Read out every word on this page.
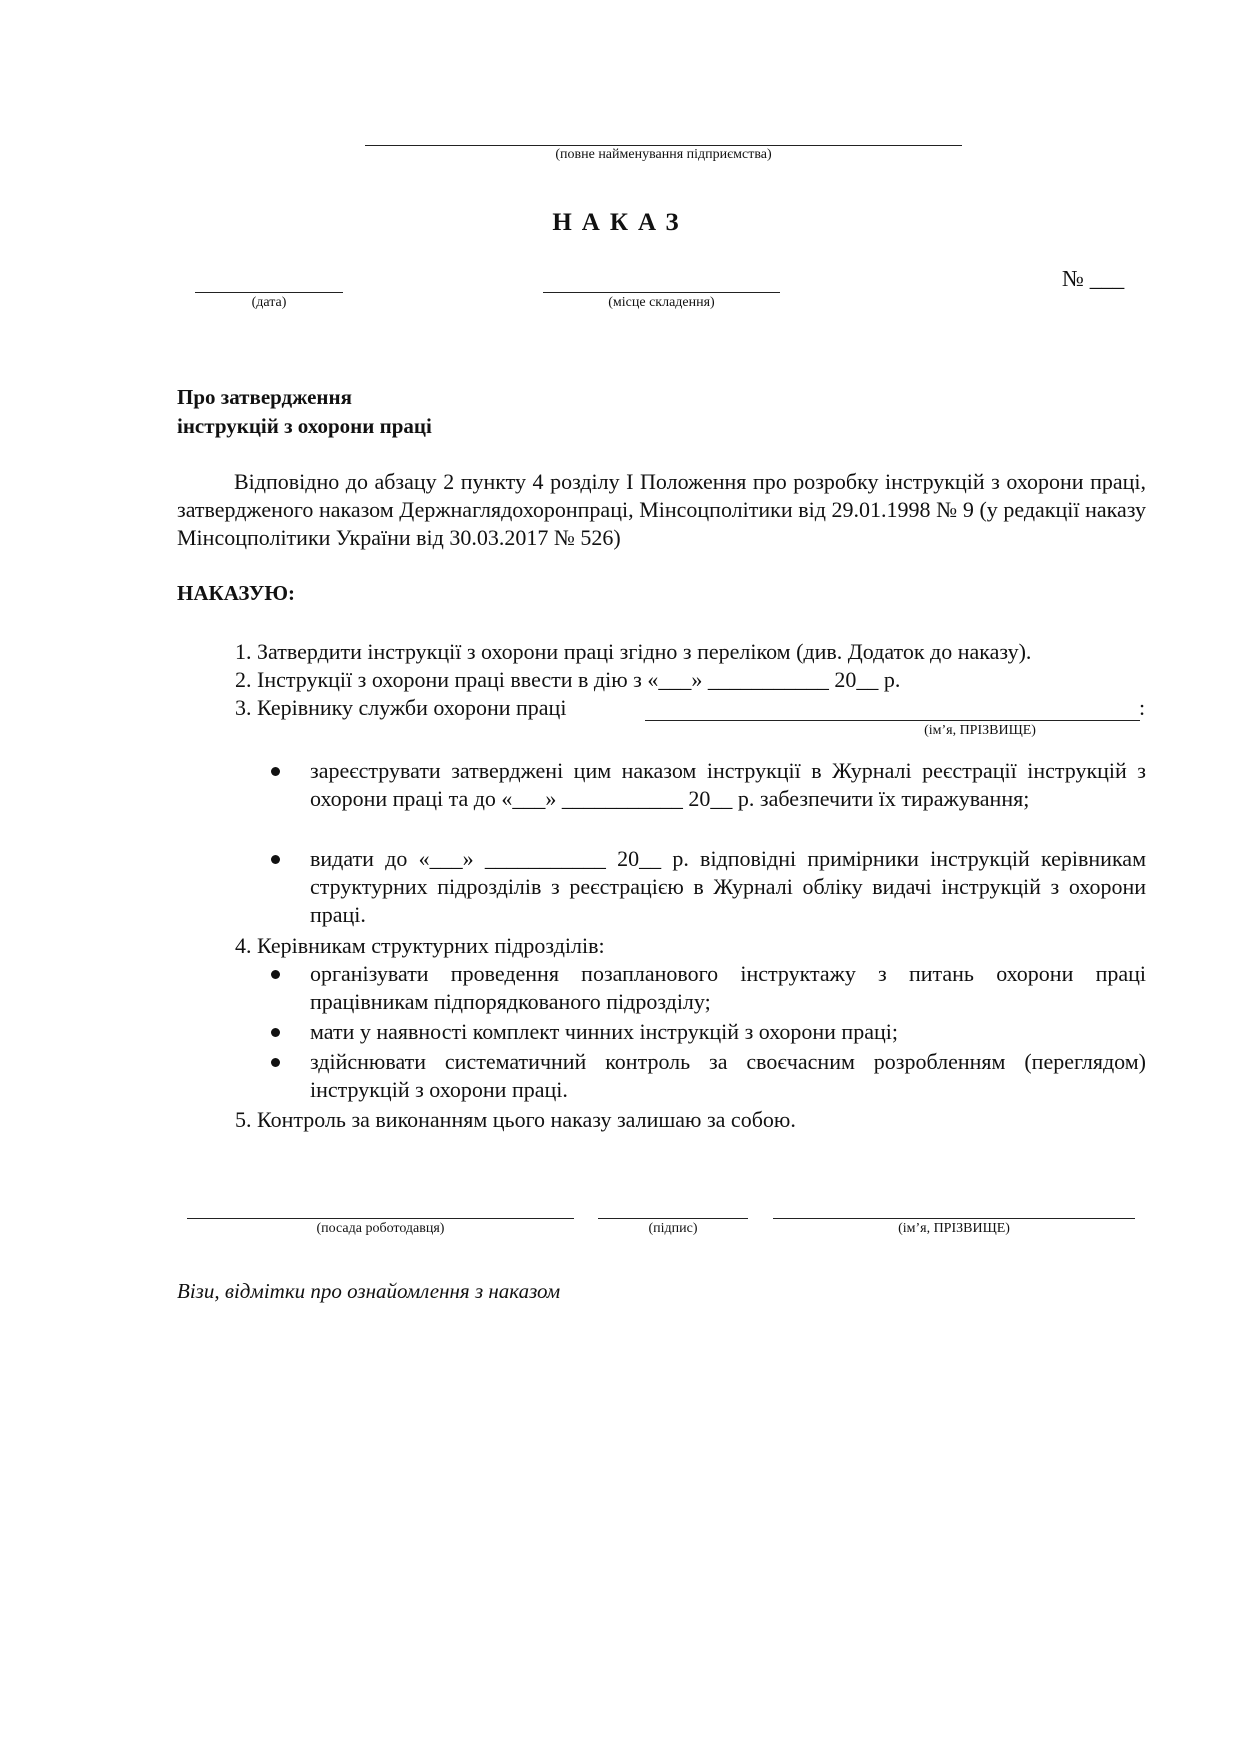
(повне найменування підприємства)
НАКАЗ
(дата)	(місце складення)
№ ___
Про затвердження
інструкцій з охорони праці

Відповідно до абзацу 2 пункту 4 розділу І Положення про розробку інструкцій з охорони праці, затвердженого наказом Держнаглядохоронпраці, Мінсоцполітики від 29.01.1998 № 9 (у редакції наказу Мінсоцполітики України від 30.03.2017 № 526)

НАКАЗУЮ:
1. Затвердити інструкції з охорони праці згідно з переліком (див. Додаток до наказу).
2. Інструкції з охорони праці ввести в дію з «___» ___________ 20__ р.
3. Керівнику служби охорони праці	:
(ім’я, ПРІЗВИЩЕ)

зареєструвати затверджені цим наказом інструкції в Журналі реєстрації інструкцій з охорони праці та до «___» ___________ 20__ р. забезпечити їх тиражування;

видати до «___» ___________ 20__ р. відповідні примірники інструкцій керівникам структурних підрозділів з реєстрацією в Журналі обліку видачі інструкцій з охорони праці.

4. Керівникам структурних підрозділів:

організувати проведення позапланового інструктажу з питань охорони праці працівникам підпорядкованого підрозділу;

мати у наявності комплект чинних інструкцій з охорони праці;

здійснювати систематичний контроль за своєчасним розробленням (переглядом) інструкцій з охорони праці.

5. Контроль за виконанням цього наказу залишаю за собою.
(посада роботодавця)	(підпис)	(ім’я, ПРІЗВИЩЕ)
Візи, відмітки про ознайомлення з наказом
